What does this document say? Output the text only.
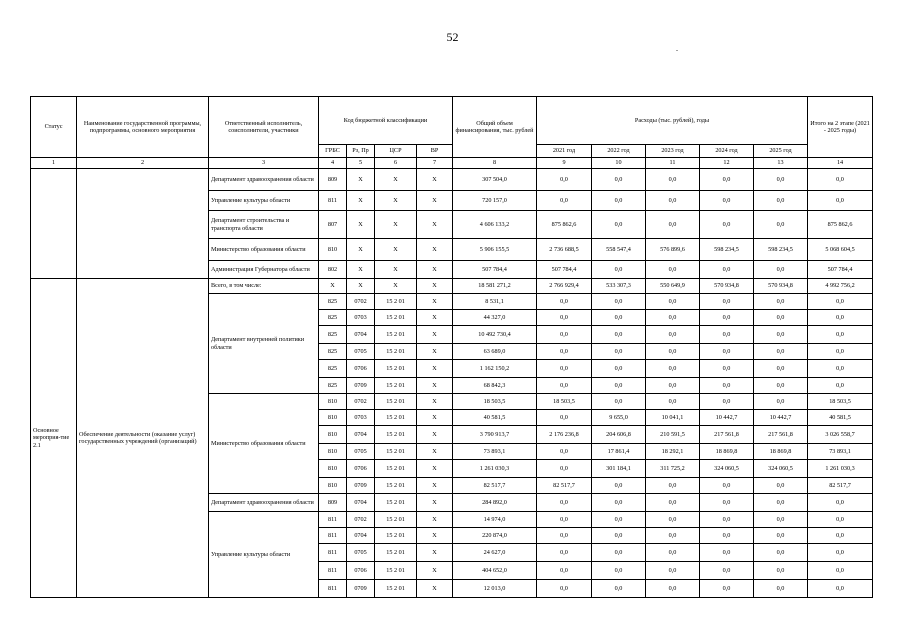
52
.
Статус	Наименование государственной программы, подпрограммы, основного мероприятия	Ответственный исполнитель, соисполнители, участники	Код бюджетной классификации				Общий объем финансирования, тыс. рублей	Расходы (тыс. рублей), годы					Итого на 2 этапе (2021 - 2025 годы)
			ГРБС	Рз, Пр	ЦСР	ВР		2021 год	2022 год	2023 год	2024 год	2025 год	
1	2	3	4	5	6	7	8	9	10	11	12	13	14
		Департамент здравоохранения области	809	X	X	X	307 504,0	0,0	0,0	0,0	0,0	0,0	0,0
		Управление культуры области	811	X	X	X	720 157,0	0,0	0,0	0,0	0,0	0,0	0,0
		Департамент строительства и транспорта области	807	X	X	X	4 606 133,2	875 862,6	0,0	0,0	0,0	0,0	875 862,6
		Министерство образования области	810	X	X	X	5 906 155,5	2 736 688,5	558 547,4	576 899,6	598 234,5	598 234,5	5 068 604,5
		Администрация Губернатора области	802	X	X	X	507 784,4	507 784,4	0,0	0,0	0,0	0,0	507 784,4
Основное мероприя-тие 2.1	Обеспечение деятельности (оказание услуг) государственных учреждений (организаций)	Всего, в том числе:	X	X	X	X	18 581 271,2	2 766 929,4	533 307,3	550 649,9	570 934,8	570 934,8	4 992 756,2
		Департамент внутренней политики области	825	0702	15 2 01	X	8 531,1	0,0	0,0	0,0	0,0	0,0	0,0
			825	0703	15 2 01	X	44 327,0	0,0	0,0	0,0	0,0	0,0	0,0
			825	0704	15 2 01	X	10 492 730,4	0,0	0,0	0,0	0,0	0,0	0,0
			825	0705	15 2 01	X	63 689,0	0,0	0,0	0,0	0,0	0,0	0,0
			825	0706	15 2 01	X	1 162 150,2	0,0	0,0	0,0	0,0	0,0	0,0
			825	0709	15 2 01	X	68 842,3	0,0	0,0	0,0	0,0	0,0	0,0
		Министерство образования области	810	0702	15 2 01	X	18 503,5	18 503,5	0,0	0,0	0,0	0,0	18 503,5
			810	0703	15 2 01	X	40 581,5	0,0	9 655,0	10 041,1	10 442,7	10 442,7	40 581,5
			810	0704	15 2 01	X	3 790 913,7	2 176 236,8	204 606,8	210 591,5	217 561,8	217 561,8	3 026 558,7
			810	0705	15 2 01	X	73 893,1	0,0	17 861,4	18 292,1	18 869,8	18 869,8	73 893,1
			810	0706	15 2 01	X	1 261 030,3	0,0	301 184,1	311 725,2	324 060,5	324 060,5	1 261 030,3
			810	0709	15 2 01	X	82 517,7	82 517,7	0,0	0,0	0,0	0,0	82 517,7
		Департамент здравоохранения области	809	0704	15 2 01	X	284 892,0	0,0	0,0	0,0	0,0	0,0	0,0
		Управление культуры области	811	0702	15 2 01	X	14 974,0	0,0	0,0	0,0	0,0	0,0	0,0
			811	0704	15 2 01	X	220 874,0	0,0	0,0	0,0	0,0	0,0	0,0
			811	0705	15 2 01	X	24 627,0	0,0	0,0	0,0	0,0	0,0	0,0
			811	0706	15 2 01	X	404 652,0	0,0	0,0	0,0	0,0	0,0	0,0
			811	0709	15 2 01	X	12 013,0	0,0	0,0	0,0	0,0	0,0	0,0
